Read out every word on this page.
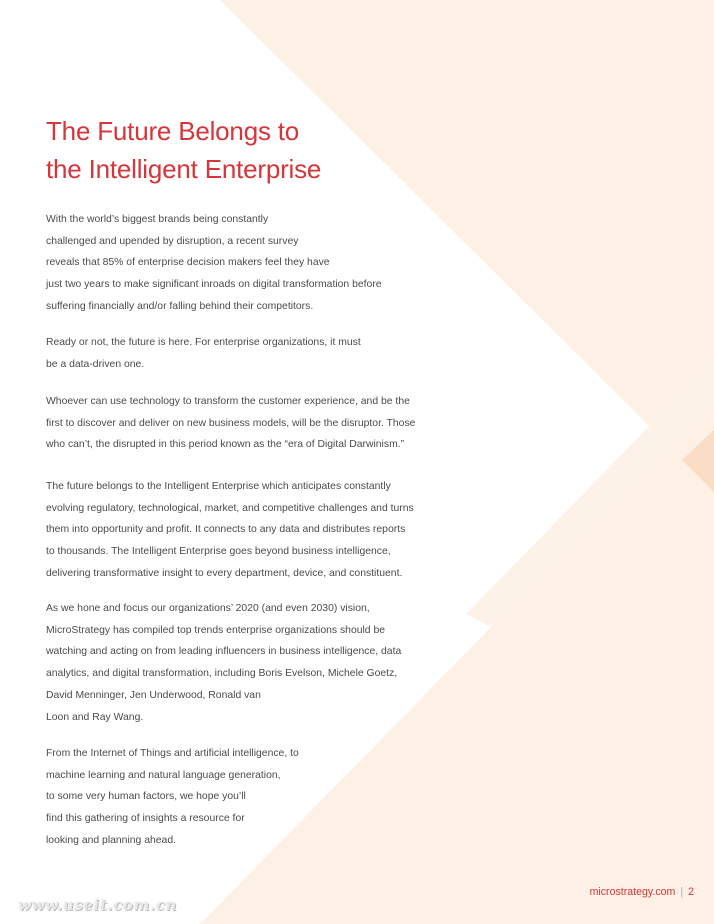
The Future Belongs to
the Intelligent Enterprise

With the world’s biggest brands being constantly
challenged and upended by disruption, a recent survey
reveals that 85% of enterprise decision makers feel they have
just two years to make significant inroads on digital transformation before
suffering financially and/or falling behind their competitors.

Ready or not, the future is here. For enterprise organizations, it must
be a data-driven one.

Whoever can use technology to transform the customer experience, and be the
first to discover and deliver on new business models, will be the disruptor. Those
who can’t, the disrupted in this period known as the “era of Digital Darwinism.”

The future belongs to the Intelligent Enterprise which anticipates constantly
evolving regulatory, technological, market, and competitive challenges and turns
them into opportunity and profit. It connects to any data and distributes reports
to thousands. The Intelligent Enterprise goes beyond business intelligence,
delivering transformative insight to every department, device, and constituent.

As we hone and focus our organizations’ 2020 (and even 2030) vision,
MicroStrategy has compiled top trends enterprise organizations should be
watching and acting on from leading influencers in business intelligence, data
analytics, and digital transformation, including Boris Evelson, Michele Goetz,
David Menninger, Jen Underwood, Ronald van
Loon and Ray Wang.

From the Internet of Things and artificial intelligence, to
machine learning and natural language generation,
to some very human factors, we hope you’ll
find this gathering of insights a resource for
looking and planning ahead.

microstrategy.com | 2
www.useit.com.cn
